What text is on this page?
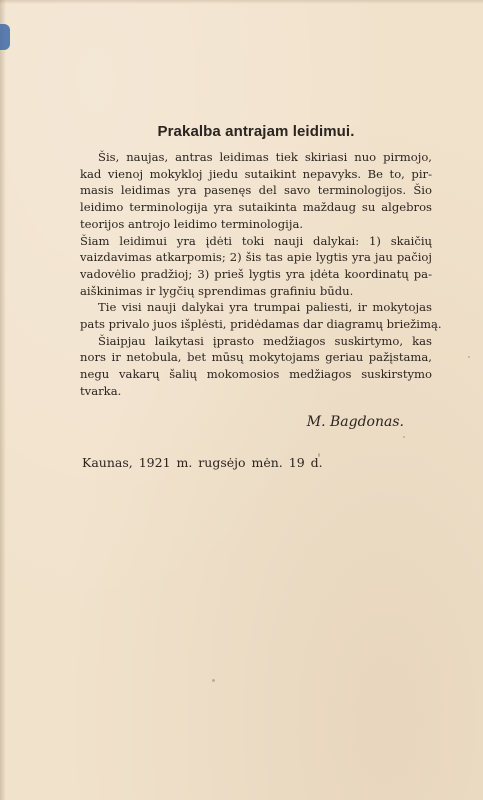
Prakalba antrajam leidimui.

Šis, naujas, antras leidimas tiek skiriasi nuo pirmojo,
kad vienoj mokykloj jiedu sutaikint nepavyks. Be to, pir-
masis leidimas yra pasenęs del savo terminologijos. Šio
leidimo terminologija yra sutaikinta maždaug su algebros
teorijos antrojo leidimo terminologija.

Šiam leidimui yra įdėti toki nauji dalykai: 1) skaičių
vaizdavimas atkarpomis; 2) šis tas apie lygtis yra jau pačioj
vadovėlio pradžioj; 3) prieš lygtis yra įdėta koordinatų pa-
aiškinimas ir lygčių sprendimas grafiniu būdu.

Tie visi nauji dalykai yra trumpai paliesti, ir mokytojas
pats privalo juos išplėsti, pridėdamas dar diagramų briežimą.

Šiaipjau laikytasi įprasto medžiagos suskirtymo, kas
nors ir netobula, bet mūsų mokytojams geriau pažįstama,
negu vakarų šalių mokomosios medžiagos suskirstymo
tvarka.

M. Bagdonas.
Kaunas, 1921 m. rugsėjo mėn. 19 d.
